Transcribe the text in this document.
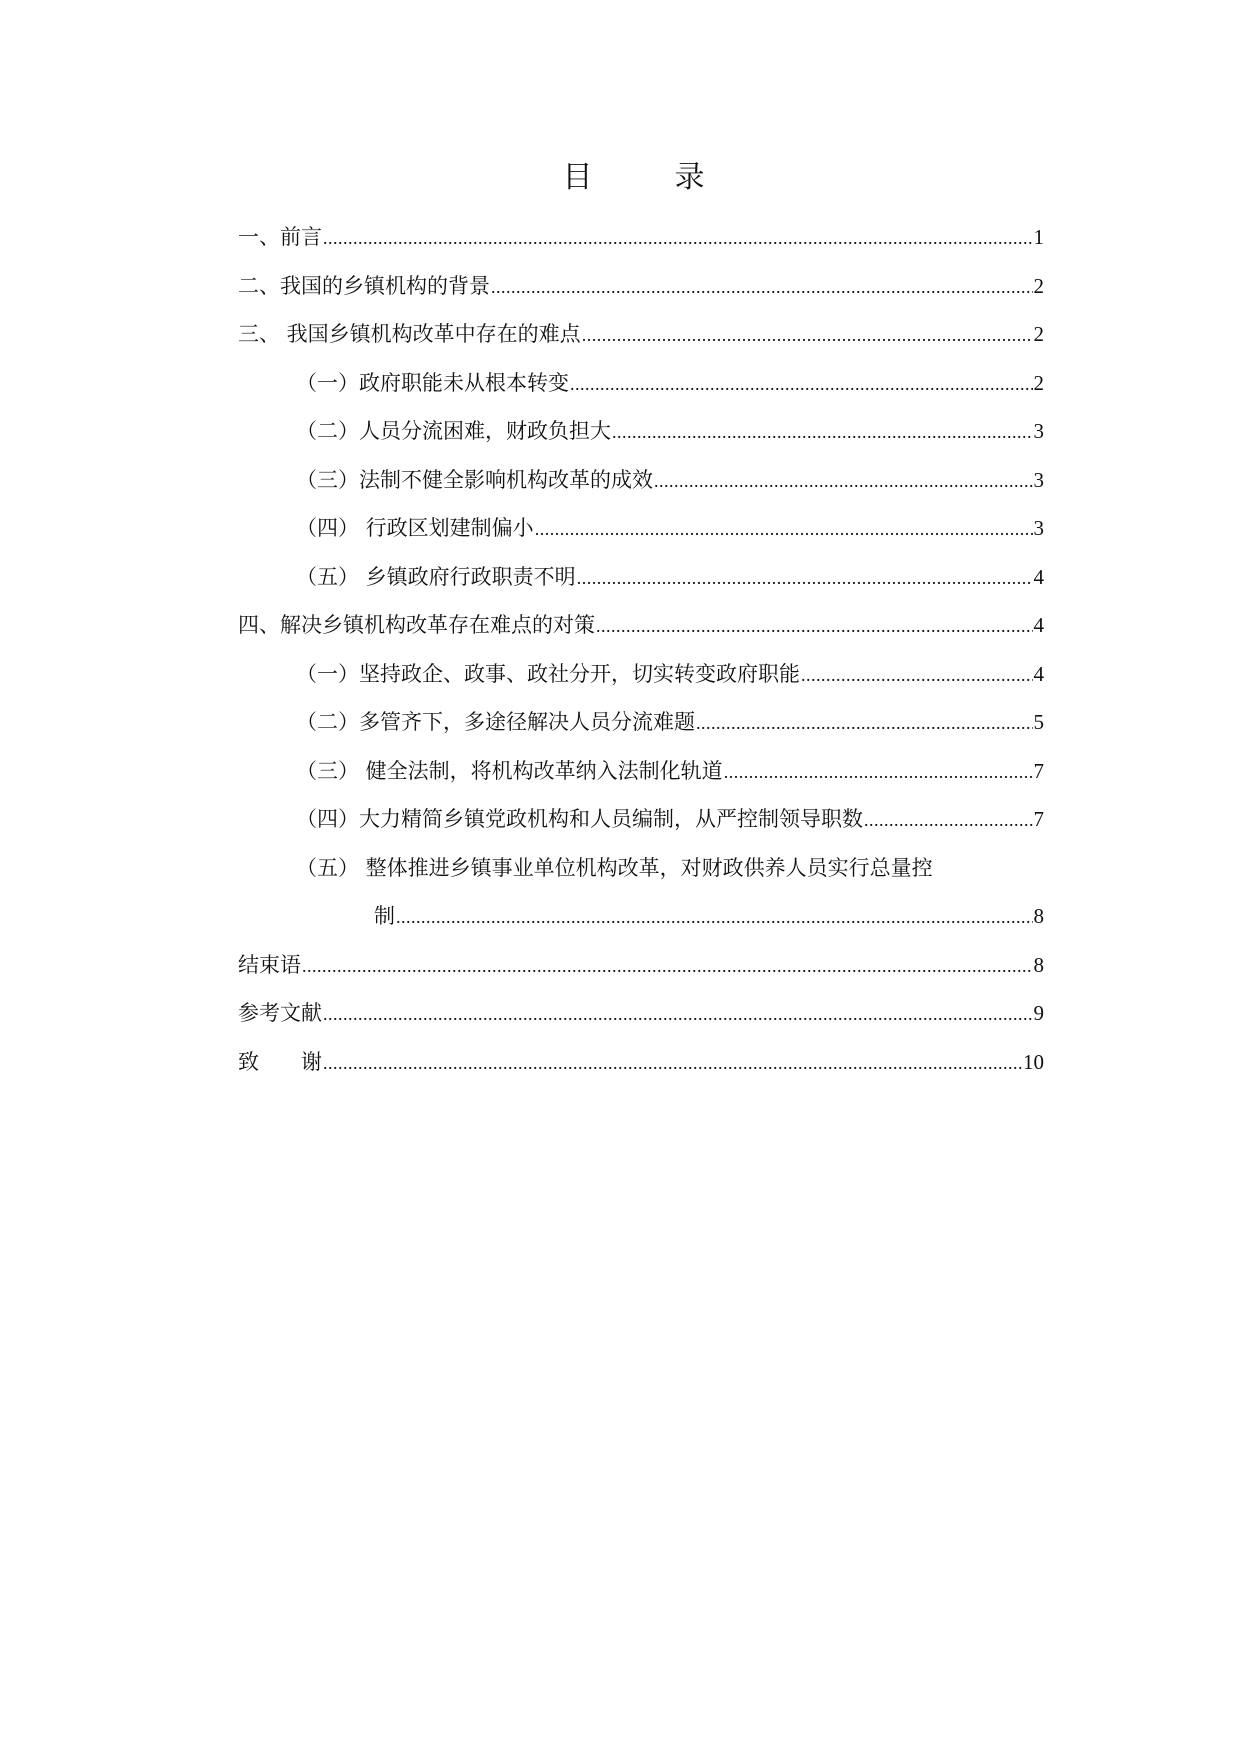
目　录
一、前言 .....	1
二、我国的乡镇机构的背景 .....	2
三、 我国乡镇机构改革中存在的难点 .....	2
（一）政府职能未从根本转变 .....	2
（二）人员分流困难，财政负担大 .....	3
（三）法制不健全影响机构改革的成效 .....	3
（四） 行政区划建制偏小 .....	3
（五） 乡镇政府行政职责不明 .....	4
四、解决乡镇机构改革存在难点的对策 .....	4
（一）坚持政企、政事、政社分开，切实转变政府职能 .....	4
（二）多管齐下，多途径解决人员分流难题 .....	5
（三） 健全法制，将机构改革纳入法制化轨道 .....	7
（四）大力精简乡镇党政机构和人员编制，从严控制领导职数 .....	7
（五） 整体推进乡镇事业单位机构改革，对财政供养人员实行总量控
制 .....	8
结束语 .....	8
参考文献 .....	9
致　　谢 .....	10
